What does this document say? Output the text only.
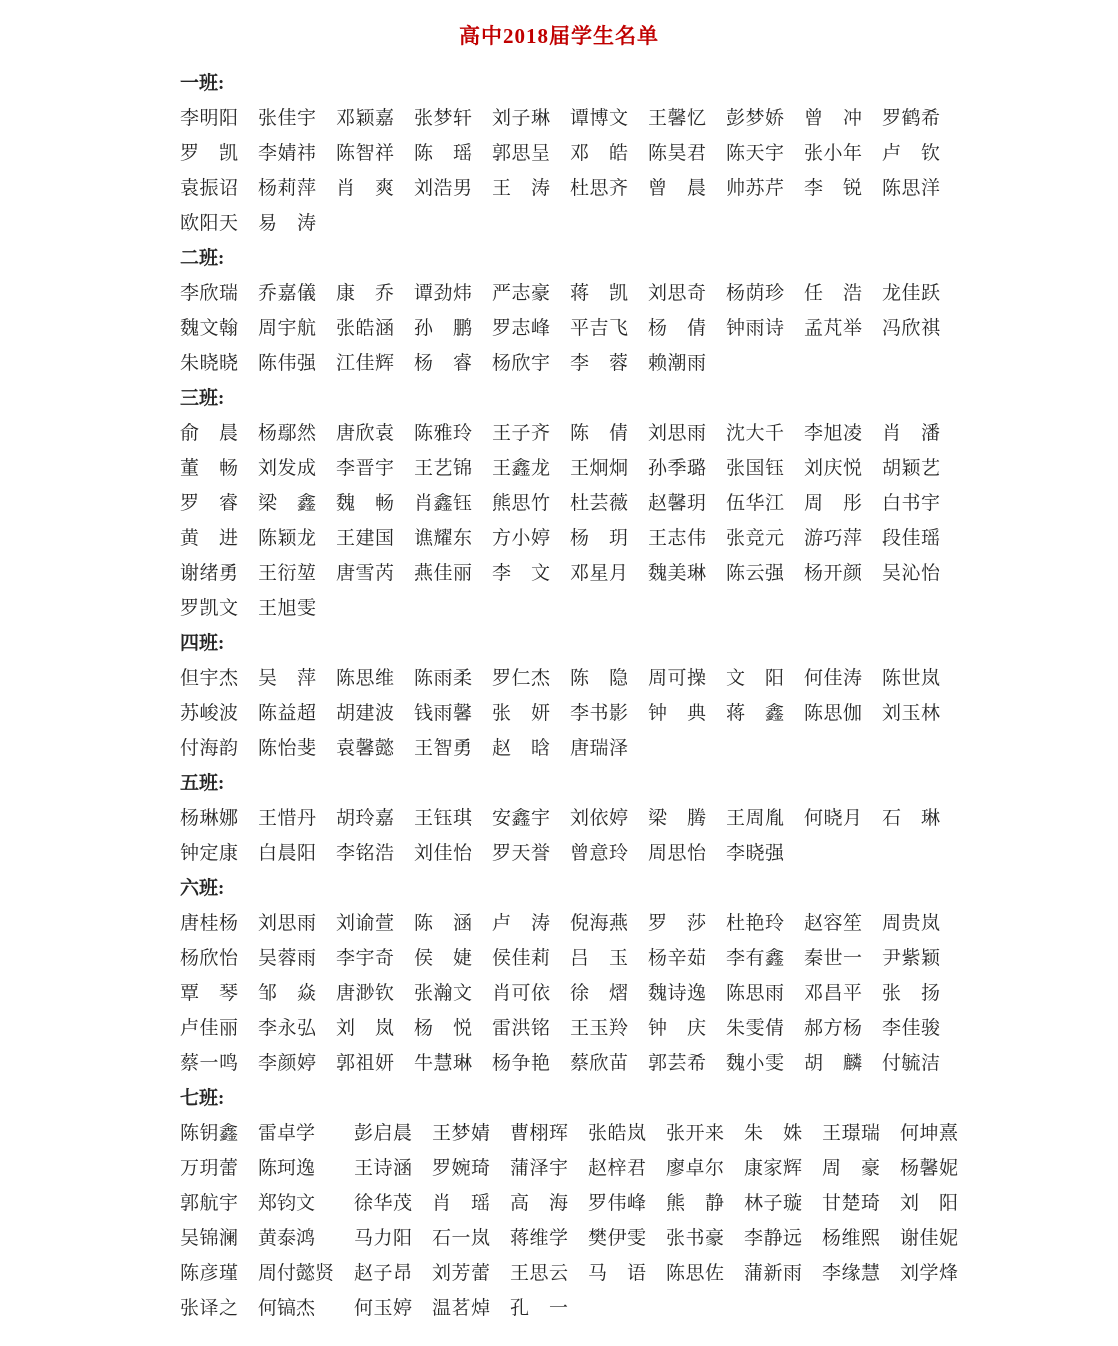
高中2018届学生名单
一班:
李明阳 张佳宇 邓颖嘉 张梦轩 刘子琳 谭博文 王馨忆 彭梦娇 曾冲 罗鹤希
罗凯 李婧祎 陈智祥 陈瑶 郭思呈 邓皓 陈昊君 陈天宇 张小年 卢钦
袁振诏 杨莉萍 肖爽 刘浩男 王涛 杜思齐 曾晨 帅苏芹 李锐 陈思洋
欧阳天 易涛
二班:
李欣瑞 乔嘉儀 康乔 谭劲炜 严志豪 蒋凯 刘思奇 杨荫珍 任浩 龙佳跃
魏文翰 周宇航 张皓涵 孙鹏 罗志峰 平吉飞 杨倩 钟雨诗 孟芃举 冯欣祺
朱晓晓 陈伟强 江佳辉 杨睿 杨欣宇 李蓉 赖潮雨
三班:
俞晨 杨鄢然 唐欣袁 陈雅玲 王子齐 陈倩 刘思雨 沈大千 李旭凌 肖潘
董畅 刘发成 李晋宇 王艺锦 王鑫龙 王炯炯 孙季璐 张国钰 刘庆悦 胡颖艺
罗睿 梁鑫 魏畅 肖鑫钰 熊思竹 杜芸薇 赵馨玥 伍华江 周彤 白书宇
黄进 陈颖龙 王建国 谯耀东 方小婷 杨玥 王志伟 张竞元 游巧萍 段佳瑶
谢绪勇 王衍堃 唐雪芮 燕佳丽 李文 邓星月 魏美琳 陈云强 杨开颜 吴沁怡
罗凯文 王旭雯
四班:
但宇杰 吴萍 陈思维 陈雨柔 罗仁杰 陈隐 周可操 文阳 何佳涛 陈世岚
苏峻波 陈益超 胡建波 钱雨馨 张妍 李书影 钟典 蒋鑫 陈思伽 刘玉林
付海韵 陈怡斐 袁馨懿 王智勇 赵晗 唐瑞泽
五班:
杨琳娜 王惜丹 胡玲嘉 王钰琪 安鑫宇 刘依婷 梁腾 王周胤 何晓月 石琳
钟定康 白晨阳 李铭浩 刘佳怡 罗天誉 曾意玲 周思怡 李晓强
六班:
唐桂杨 刘思雨 刘谕萱 陈涵 卢涛 倪海燕 罗莎 杜艳玲 赵容笙 周贵岚
杨欣怡 吴蓉雨 李宇奇 侯婕 侯佳莉 吕玉 杨辛茹 李有鑫 秦世一 尹紫颖
覃琴 邹焱 唐渺钦 张瀚文 肖可依 徐熠 魏诗逸 陈思雨 邓昌平 张扬
卢佳丽 李永弘 刘岚 杨悦 雷洪铭 王玉羚 钟庆 朱雯倩 郝方杨 李佳骏
蔡一鸣 李颜婷 郭祖妍 牛慧琳 杨争艳 蔡欣苗 郭芸希 魏小雯 胡麟 付毓洁
七班:
陈钥鑫 雷卓学 彭启晨 王梦婧 曹栩珲 张皓岚 张开来 朱姝 王璟瑞 何坤熹
万玥蕾 陈珂逸 王诗涵 罗婉琦 蒲泽宇 赵梓君 廖卓尔 康家辉 周豪 杨馨妮
郭航宇 郑钧文 徐华茂 肖瑶 高海 罗伟峰 熊静 林子璇 甘楚琦 刘阳
吴锦澜 黄泰鸿 马力阳 石一岚 蒋维学 樊伊雯 张书豪 李静远 杨维熙 谢佳妮
陈彦瑾 周付懿贤 赵子昂 刘芳蕾 王思云 马语 陈思佐 蒲新雨 李缘慧 刘学烽
张译之 何镐杰 何玉婷 温茗焯 孔一
